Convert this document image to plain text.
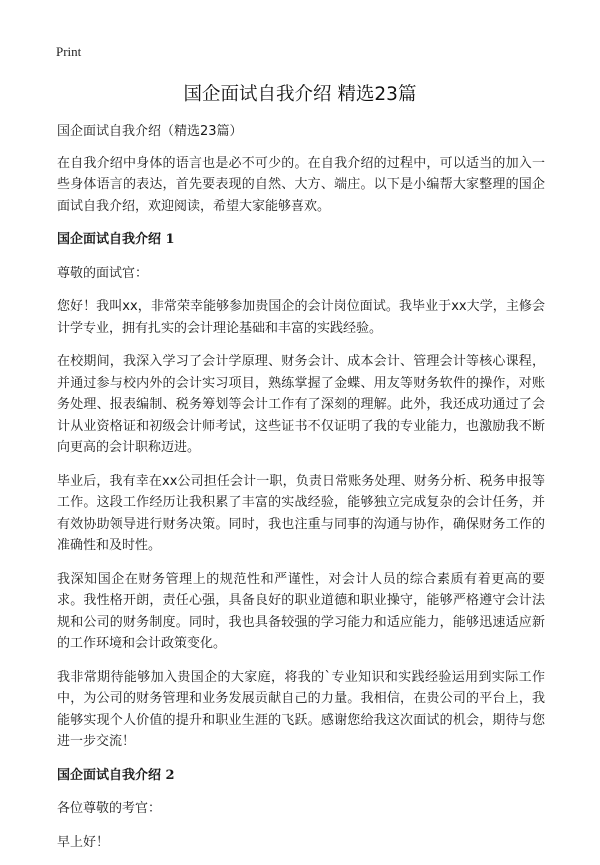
Print
国企面试自我介绍 精选23篇

国企面试自我介绍（精选23篇）

在自我介绍中身体的语言也是必不可少的。在自我介绍的过程中，可以适当的加入一些身体语言的表达，首先要表现的自然、大方、端庄。以下是小编帮大家整理的国企面试自我介绍，欢迎阅读，希望大家能够喜欢。

国企面试自我介绍 1

尊敬的面试官：

您好！我叫xx，非常荣幸能够参加贵国企的会计岗位面试。我毕业于xx大学，主修会计学专业，拥有扎实的会计理论基础和丰富的实践经验。

在校期间，我深入学习了会计学原理、财务会计、成本会计、管理会计等核心课程，并通过参与校内外的会计实习项目，熟练掌握了金蝶、用友等财务软件的操作，对账务处理、报表编制、税务筹划等会计工作有了深刻的理解。此外，我还成功通过了会计从业资格证和初级会计师考试，这些证书不仅证明了我的专业能力，也激励我不断向更高的会计职称迈进。

毕业后，我有幸在xx公司担任会计一职，负责日常账务处理、财务分析、税务申报等工作。这段工作经历让我积累了丰富的实战经验，能够独立完成复杂的会计任务，并有效协助领导进行财务决策。同时，我也注重与同事的沟通与协作，确保财务工作的准确性和及时性。

我深知国企在财务管理上的规范性和严谨性，对会计人员的综合素质有着更高的要求。我性格开朗，责任心强，具备良好的职业道德和职业操守，能够严格遵守会计法规和公司的财务制度。同时，我也具备较强的学习能力和适应能力，能够迅速适应新的工作环境和会计政策变化。

我非常期待能够加入贵国企的大家庭，将我的`专业知识和实践经验运用到实际工作中，为公司的财务管理和业务发展贡献自己的力量。我相信，在贵公司的平台上，我能够实现个人价值的提升和职业生涯的飞跃。感谢您给我这次面试的机会，期待与您进一步交流！

国企面试自我介绍 2

各位尊敬的考官：

早上好！
